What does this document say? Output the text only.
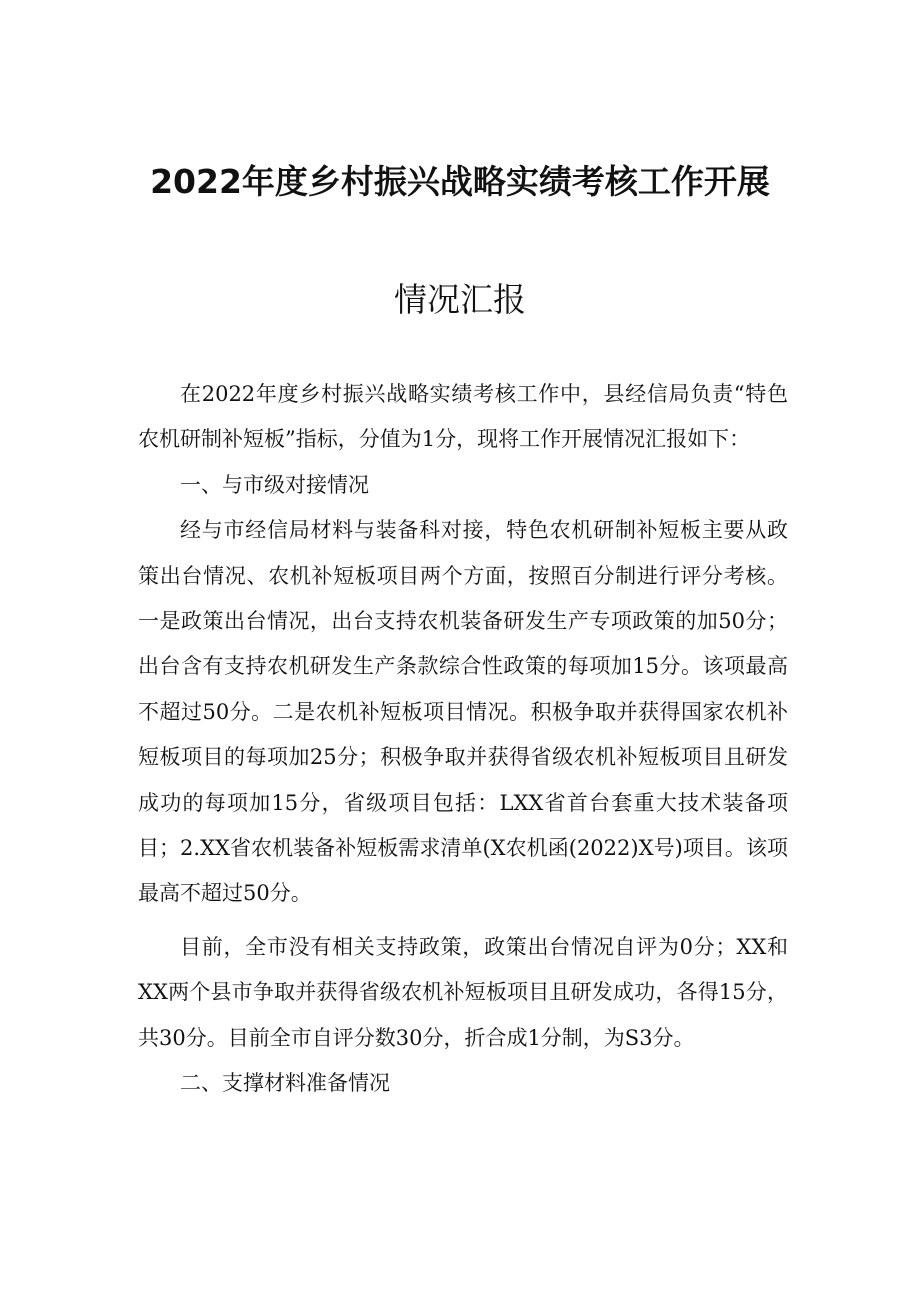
2022年度乡村振兴战略实绩考核工作开展
情况汇报

在2022年度乡村振兴战略实绩考核工作中，县经信局负责“特色农机研制补短板”指标，分值为1分，现将工作开展情况汇报如下：

一、与市级对接情况

经与市经信局材料与装备科对接，特色农机研制补短板主要从政策出台情况、农机补短板项目两个方面，按照百分制进行评分考核。一是政策出台情况，出台支持农机装备研发生产专项政策的加50分；出台含有支持农机研发生产条款综合性政策的每项加15分。该项最高不超过50分。二是农机补短板项目情况。积极争取并获得国家农机补短板项目的每项加25分；积极争取并获得省级农机补短板项目且研发成功的每项加15分，省级项目包括：LXX省首台套重大技术装备项目；2.XX省农机装备补短板需求清单(X农机函(2022)X号)项目。该项最高不超过50分。

目前，全市没有相关支持政策，政策出台情况自评为0分；XX和XX两个县市争取并获得省级农机补短板项目且研发成功，各得15分，共30分。目前全市自评分数30分，折合成1分制，为S3分。

二、支撑材料准备情况
